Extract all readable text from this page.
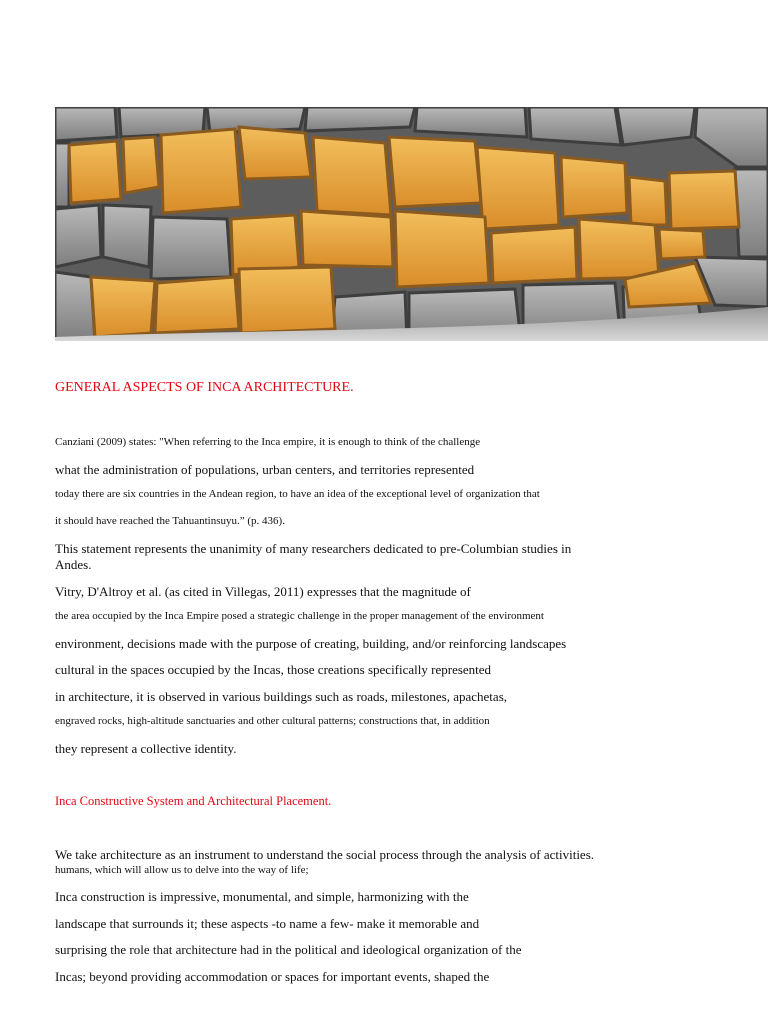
GENERAL ASPECTS OF INCA ARCHITECTURE.
Canziani (2009) states: "When referring to the Inca empire, it is enough to think of the challenge
what the administration of populations, urban centers, and territories represented
today there are six countries in the Andean region, to have an idea of the exceptional level of organization that
it should have reached the Tahuantinsuyu.” (p. 436).
This statement represents the unanimity of many researchers dedicated to pre-Columbian studies in
Andes.
Vitry, D'Altroy et al. (as cited in Villegas, 2011) expresses that the magnitude of
the area occupied by the Inca Empire posed a strategic challenge in the proper management of the environment
environment, decisions made with the purpose of creating, building, and/or reinforcing landscapes
cultural in the spaces occupied by the Incas, those creations specifically represented
in architecture, it is observed in various buildings such as roads, milestones, apachetas,
engraved rocks, high-altitude sanctuaries and other cultural patterns; constructions that, in addition
they represent a collective identity.
Inca Constructive System and Architectural Placement.
We take architecture as an instrument to understand the social process through the analysis of activities.
humans, which will allow us to delve into the way of life;
Inca construction is impressive, monumental, and simple, harmonizing with the
landscape that surrounds it; these aspects -to name a few- make it memorable and
surprising the role that architecture had in the political and ideological organization of the
Incas; beyond providing accommodation or spaces for important events, shaped the
